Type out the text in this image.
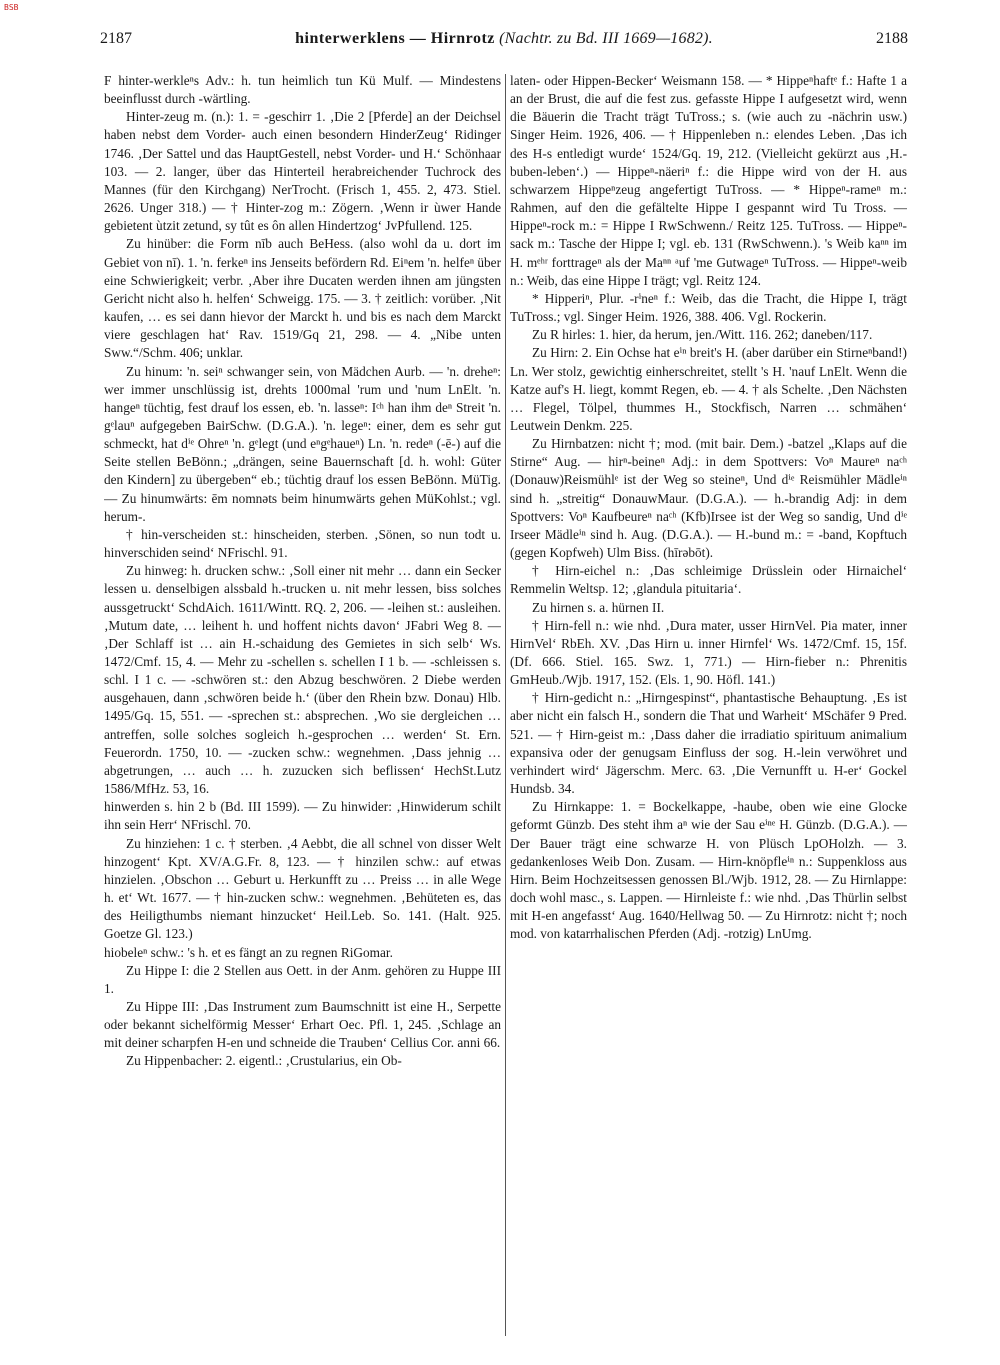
BSB
2187	hinterwerklens — Hirnrotz (Nachtr. zu Bd. III 1669—1682).	2188

F hinter-werkleⁿs Adv.: h. tun heimlich tun Kü Mulf. — Mindestens beeinflusst durch -wärtling.

Hinter-zeug m. (n.): 1. = -geschirr 1. ‚Die 2 [Pferde] an der Deichsel haben nebst dem Vorder- auch einen besondern HinderZeug‘ Ridinger 1746. ‚Der Sattel und das HauptGestell, nebst Vorder- und H.‘ Schönhaar 103. — 2. langer, über das Hinterteil herabreichender Tuchrock des Mannes (für den Kirchgang) NerTrocht. (Frisch 1, 455. 2, 473. Stiel. 2626. Unger 318.) — † Hinter-zog m.: Zögern. ‚Wenn ir ùwer Hande gebietent ùtzit zetund, sy tût es ôn allen Hindertzog‘ JvPfullend. 125.

Zu hinüber: die Form nīb auch BeHess. (also wohl da u. dort im Gebiet von nī). 1. 'n. ferkeⁿ ins Jenseits befördern Rd. Eiⁿem 'n. helfeⁿ über eine Schwierigkeit; verbr. ‚Aber ihre Ducaten werden ihnen am jüngsten Gericht nicht also h. helfen‘ Schweigg. 175. — 3. † zeitlich: vorüber. ‚Nit kaufen, … es sei dann hievor der Marckt h. und bis es nach dem Marckt viere geschlagen hat‘ Rav. 1519/Gq 21, 298. — 4. „Nibe unten Sww.“/Schm. 406; unklar.

Zu hinum: 'n. seiⁿ schwanger sein, von Mädchen Aurb. — 'n. dreheⁿ: wer immer unschlüssig ist, drehts 1000mal 'rum und 'num LnElt. 'n. hangeⁿ tüchtig, fest drauf los essen, eb. 'n. lasseⁿ: Iᶜʰ han ihm deⁿ Streit 'n. gᵉlauⁿ aufgegeben BairSchw. (D.G.A.). 'n. legeⁿ: einer, dem es sehr gut schmeckt, hat dⁱᵉ Ohreⁿ 'n. gᵉlegt (und eⁿgᵉhaueⁿ) Ln. 'n. redeⁿ (-ē-) auf die Seite stellen BeBönn.; „drängen, seine Bauernschaft [d. h. wohl: Güter den Kindern] zu übergeben“ eb.; tüchtig drauf los essen BeBönn. MüTig. — Zu hinumwärts: ēm nomnəts beim hinumwärts gehen MüKohlst.; vgl. herum-.

† hin-verscheiden st.: hinscheiden, sterben. ‚Sönen, so nun todt u. hinverschiden seind‘ NFrischl. 91.

Zu hinweg: h. drucken schw.: ‚Soll einer nit mehr … dann ein Secker lessen u. denselbigen alssbald h.-trucken u. nit mehr lessen, biss solches aussgetruckt‘ SchdAich. 1611/Wintt. RQ. 2, 206. — -leihen st.: ausleihen. ‚Mutum date, … leihent h. und hoffent nichts davon‘ JFabri Weg 8. — ‚Der Schlaff ist … ain H.-schaidung des Gemietes in sich selb‘ Ws. 1472/Cmf. 15, 4. — Mehr zu -schellen s. schellen I 1 b. — -schleissen s. schl. I 1 c. — -schwören st.: den Abzug beschwören. 2 Diebe werden ausgehauen, dann ‚schwören beide h.‘ (über den Rhein bzw. Donau) Hlb. 1495/Gq. 15, 551. — -sprechen st.: absprechen. ‚Wo sie dergleichen … antreffen, solle solches sogleich h.-gesprochen … werden‘ St. Ern. Feuerordn. 1750, 10. — -zucken schw.: wegnehmen. ‚Dass jehnig … abgetrungen, … auch … h. zuzucken sich beflissen‘ HechSt.Lutz 1586/MfHz. 53, 16.

hinwerden s. hin 2 b (Bd. III 1599). — Zu hinwider: ‚Hinwiderum schilt ihn sein Herr‘ NFrischl. 70.

Zu hinziehen: 1 c. † sterben. ‚4 Aebbt, die all schnel von disser Welt hinzogent‘ Kpt. XV/A.G.Fr. 8, 123. — † hinzilen schw.: auf etwas hinzielen. ‚Obschon … Geburt u. Herkunfft zu … Preiss … in alle Wege h. et‘ Wt. 1677. — † hin-zucken schw.: wegnehmen. ‚Behüteten es, das des Heiligthumbs niemant hinzucket‘ Heil.Leb. So. 141. (Halt. 925. Goetze Gl. 123.)

hiobeleⁿ schw.: 's h. et es fängt an zu regnen RiGomar.

Zu Hippe I: die 2 Stellen aus Oett. in der Anm. gehören zu Huppe III 1.

Zu Hippe III: ‚Das Instrument zum Baumschnitt ist eine H., Serpette oder bekannt sichelförmig Messer‘ Erhart Oec. Pfl. 1, 245. ‚Schlage an mit deiner scharpfen H-en und schneide die Trauben‘ Cellius Cor. anni 66.

Zu Hippenbacher: 2. eigentl.: ‚Crustularius, ein Ob-

laten- oder Hippen-Becker‘ Weismann 158. — * Hippeⁿhaftᵉ f.: Hafte 1 a an der Brust, die auf die fest zus. gefasste Hippe I aufgesetzt wird, wenn die Bäuerin die Tracht trägt TuTross.; s. (wie auch zu -nächrin usw.) Singer Heim. 1926, 406. — † Hippenleben n.: elendes Leben. ‚Das ich des H-s entledigt wurde‘ 1524/Gq. 19, 212. (Vielleicht gekürzt aus ‚H.-buben-leben‘.) — Hippeⁿ-näeriⁿ f.: die Hippe wird von der H. aus schwarzem Hippeⁿzeug angefertigt TuTross. — * Hippeⁿ-rameⁿ m.: Rahmen, auf den die gefältelte Hippe I gespannt wird Tu Tross. — Hippeⁿ-rock m.: = Hippe I RwSchwenn./ Reitz 125. TuTross. — Hippeⁿ-sack m.: Tasche der Hippe I; vgl. eb. 131 (RwSchwenn.). 's Weib kaⁿⁿ im H. mᵉʰʳ forttrageⁿ als der Maⁿⁿ ᵃuf 'me Gutwageⁿ TuTross. — Hippeⁿ-weib n.: Weib, das eine Hippe I trägt; vgl. Reitz 124.

* Hipperiⁿ, Plur. -rⁱneⁿ f.: Weib, das die Tracht, die Hippe I, trägt TuTross.; vgl. Singer Heim. 1926, 388. 406. Vgl. Rockerin.

Zu R hirles: 1. hier, da herum, jen./Witt. 116. 262; daneben/117.

Zu Hirn: 2. Ein Ochse hat eⁱⁿ breit's H. (aber darüber ein Stirneⁿband!) Ln. Wer stolz, gewichtig einherschreitet, stellt 's H. 'nauf LnElt. Wenn die Katze auf's H. liegt, kommt Regen, eb. — 4. † als Schelte. ‚Den Nächsten … Flegel, Tölpel, thummes H., Stockfisch, Narren … schmähen‘ Leutwein Denkm. 225.

Zu Hirnbatzen: nicht †; mod. (mit bair. Dem.) -batzel „Klaps auf die Stirne“ Aug. — hirⁿ-beineⁿ Adj.: in dem Spottvers: Voⁿ Maureⁿ naᶜʰ (Donauw)Reismühlᵉ ist der Weg so steineⁿ, Und dⁱᵉ Reismühler Mädleⁱⁿ sind h. „streitig“ DonauwMaur. (D.G.A.). — h.-brandig Adj: in dem Spottvers: Voⁿ Kaufbeureⁿ naᶜʰ (Kfb)Irsee ist der Weg so sandig, Und dⁱᵉ Irseer Mädleⁱⁿ sind h. Aug. (D.G.A.). — H.-bund m.: = -band, Kopftuch (gegen Kopfweh) Ulm Biss. (hīrəbōt).

† Hirn-eichel n.: ‚Das schleimige Drüsslein oder Hirnaichel‘ Remmelin Weltsp. 12; ‚glandula pituitaria‘.

Zu hirnen s. a. hürnen II.

† Hirn-fell n.: wie nhd. ‚Dura mater, usser HirnVel. Pia mater, inner HirnVel‘ RbEh. XV. ‚Das Hirn u. inner Hirnfel‘ Ws. 1472/Cmf. 15, 15f. (Df. 666. Stiel. 165. Swz. 1, 771.) — Hirn-fieber n.: Phrenitis GmHeub./Wjb. 1917, 152. (Els. 1, 90. Höfl. 141.)

† Hirn-gedicht n.: „Hirngespinst“, phantastische Behauptung. ‚Es ist aber nicht ein falsch H., sondern die That und Warheit‘ MSchäfer 9 Pred. 521. — † Hirn-geist m.: ‚Dass daher die irradiatio spirituum animalium expansiva oder der genugsam Einfluss der sog. H.-lein verwöhret und verhindert wird‘ Jägerschm. Merc. 63. ‚Die Vernunfft u. H-er‘ Gockel Hundsb. 34.

Zu Hirnkappe: 1. = Bockelkappe, -haube, oben wie eine Glocke geformt Günzb. Des steht ihm aⁿ wie der Sau eⁱⁿᵉ H. Günzb. (D.G.A.). — Der Bauer trägt eine schwarze H. von Plüsch LpOHolzh. — 3. gedankenloses Weib Don. Zusam. — Hirn-knöpfleⁱⁿ n.: Suppenkloss aus Hirn. Beim Hochzeitsessen genossen Bl./Wjb. 1912, 28. — Zu Hirnlappe: doch wohl masc., s. Lappen. — Hirnleiste f.: wie nhd. ‚Das Thürlin selbst mit H-en angefasst‘ Aug. 1640/Hellwag 50. — Zu Hirnrotz: nicht †; noch mod. von katarrhalischen Pferden (Adj. -rotzig) LnUmg.
